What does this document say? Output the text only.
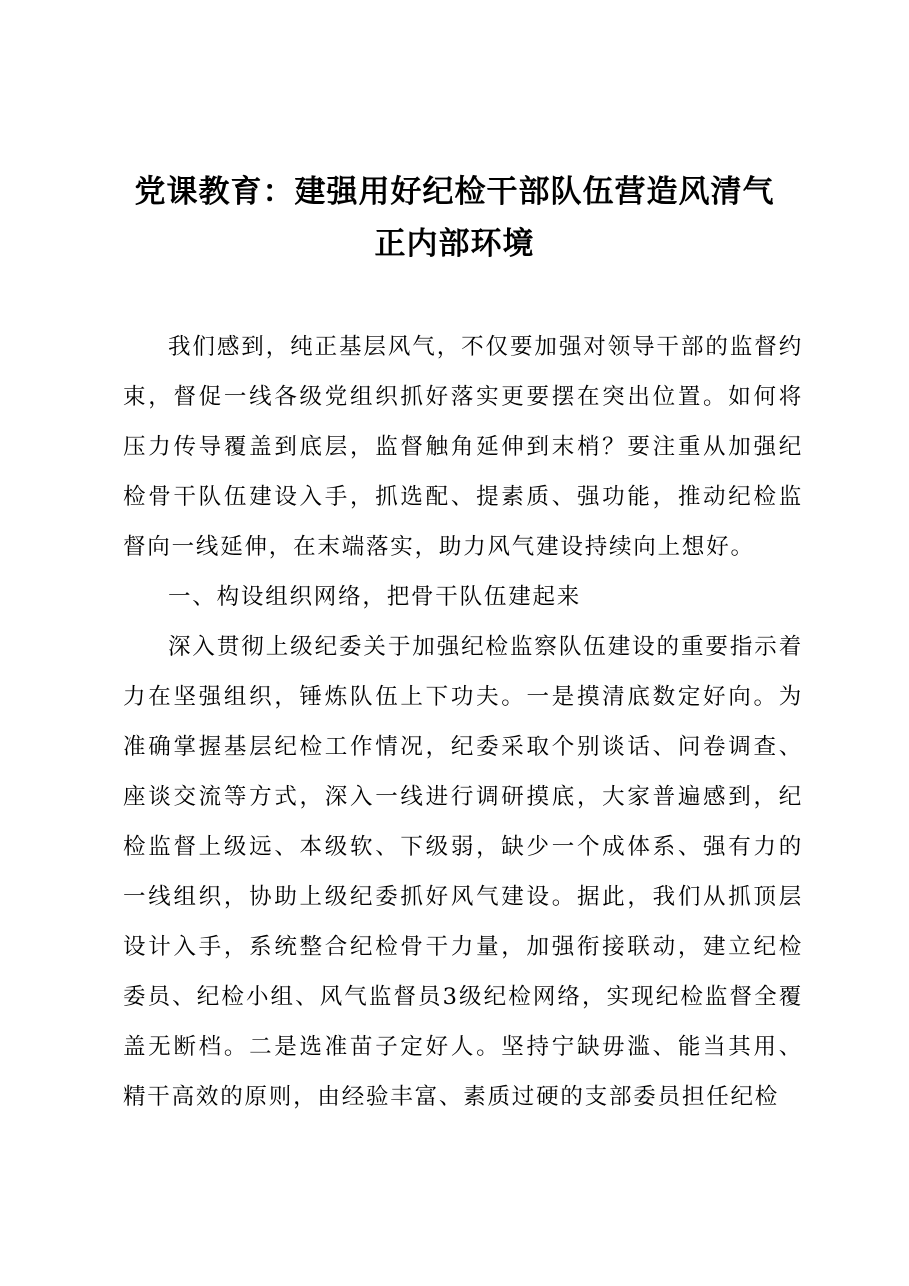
党课教育：建强用好纪检干部队伍营造风清气
正内部环境

我们感到，纯正基层风气，不仅要加强对领导干部的监督约束，督促一线各级党组织抓好落实更要摆在突出位置。如何将压力传导覆盖到底层，监督触角延伸到末梢？要注重从加强纪检骨干队伍建设入手，抓选配、提素质、强功能，推动纪检监督向一线延伸，在末端落实，助力风气建设持续向上想好。

一、构设组织网络，把骨干队伍建起来

深入贯彻上级纪委关于加强纪检监察队伍建设的重要指示着力在坚强组织，锤炼队伍上下功夫。一是摸清底数定好向。为准确掌握基层纪检工作情况，纪委采取个别谈话、问卷调查、座谈交流等方式，深入一线进行调研摸底，大家普遍感到，纪检监督上级远、本级软、下级弱，缺少一个成体系、强有力的一线组织，协助上级纪委抓好风气建设。据此，我们从抓顶层设计入手，系统整合纪检骨干力量，加强衔接联动，建立纪检委员、纪检小组、风气监督员3级纪检网络，实现纪检监督全覆盖无断档。二是选准苗子定好人。坚持宁缺毋滥、能当其用、精干高效的原则，由经验丰富、素质过硬的支部委员担任纪检
